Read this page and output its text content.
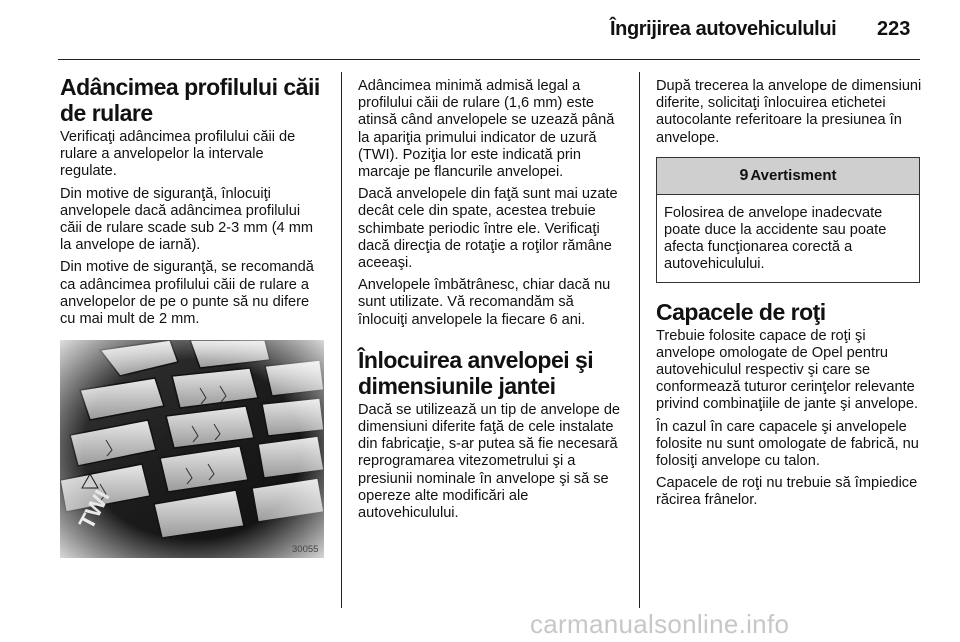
Îngrijirea autovehiculului 223
Adâncimea profilului căii de rulare

Verificaţi adâncimea profilului căii de rulare a anvelopelor la intervale regulate.

Din motive de siguranţă, înlocuiţi anvelopele dacă adâncimea profilului căii de rulare scade sub 2-3 mm (4 mm la anvelope de iarnă).

Din motive de siguranţă, se recomandă ca adâncimea profilului căii de rulare a anvelopelor de pe o punte să nu difere cu mai mult de 2 mm.

30055

Adâncimea minimă admisă legal a profilului căii de rulare (1,6 mm) este atinsă când anvelopele se uzează până la apariţia primului indicator de uzură (TWI). Poziţia lor este indicată prin marcaje pe flancurile anvelopei.

Dacă anvelopele din faţă sunt mai uzate decât cele din spate, acestea trebuie schimbate periodic între ele. Verificaţi dacă direcţia de rotaţie a roţilor rămâne aceeaşi.

Anvelopele îmbătrânesc, chiar dacă nu sunt utilizate. Vă recomandăm să înlocuiţi anvelopele la fiecare 6 ani.

Înlocuirea anvelopei şi dimensiunile jantei

Dacă se utilizează un tip de anvelope de dimensiuni diferite faţă de cele instalate din fabricaţie, s-ar putea să fie necesară reprogramarea vitezometrului şi a presiunii nominale în anvelope şi să se opereze alte modificări ale autovehiculului.

După trecerea la anvelope de dimensiuni diferite, solicitaţi înlocuirea etichetei autocolante referitoare la presiunea în anvelope.

9 Avertisment
Folosirea de anvelope inadecvate poate duce la accidente sau poate afecta funcţionarea corectă a autovehiculului.
Capacele de roţi

Trebuie folosite capace de roţi şi anvelope omologate de Opel pentru autovehiculul respectiv şi care se conformează tuturor cerinţelor relevante privind combinaţiile de jante şi anvelope.

În cazul în care capacele şi anvelopele folosite nu sunt omologate de fabrică, nu folosiţi anvelope cu talon.

Capacele de roţi nu trebuie să împiedice răcirea frânelor.

carmanualsonline.info
